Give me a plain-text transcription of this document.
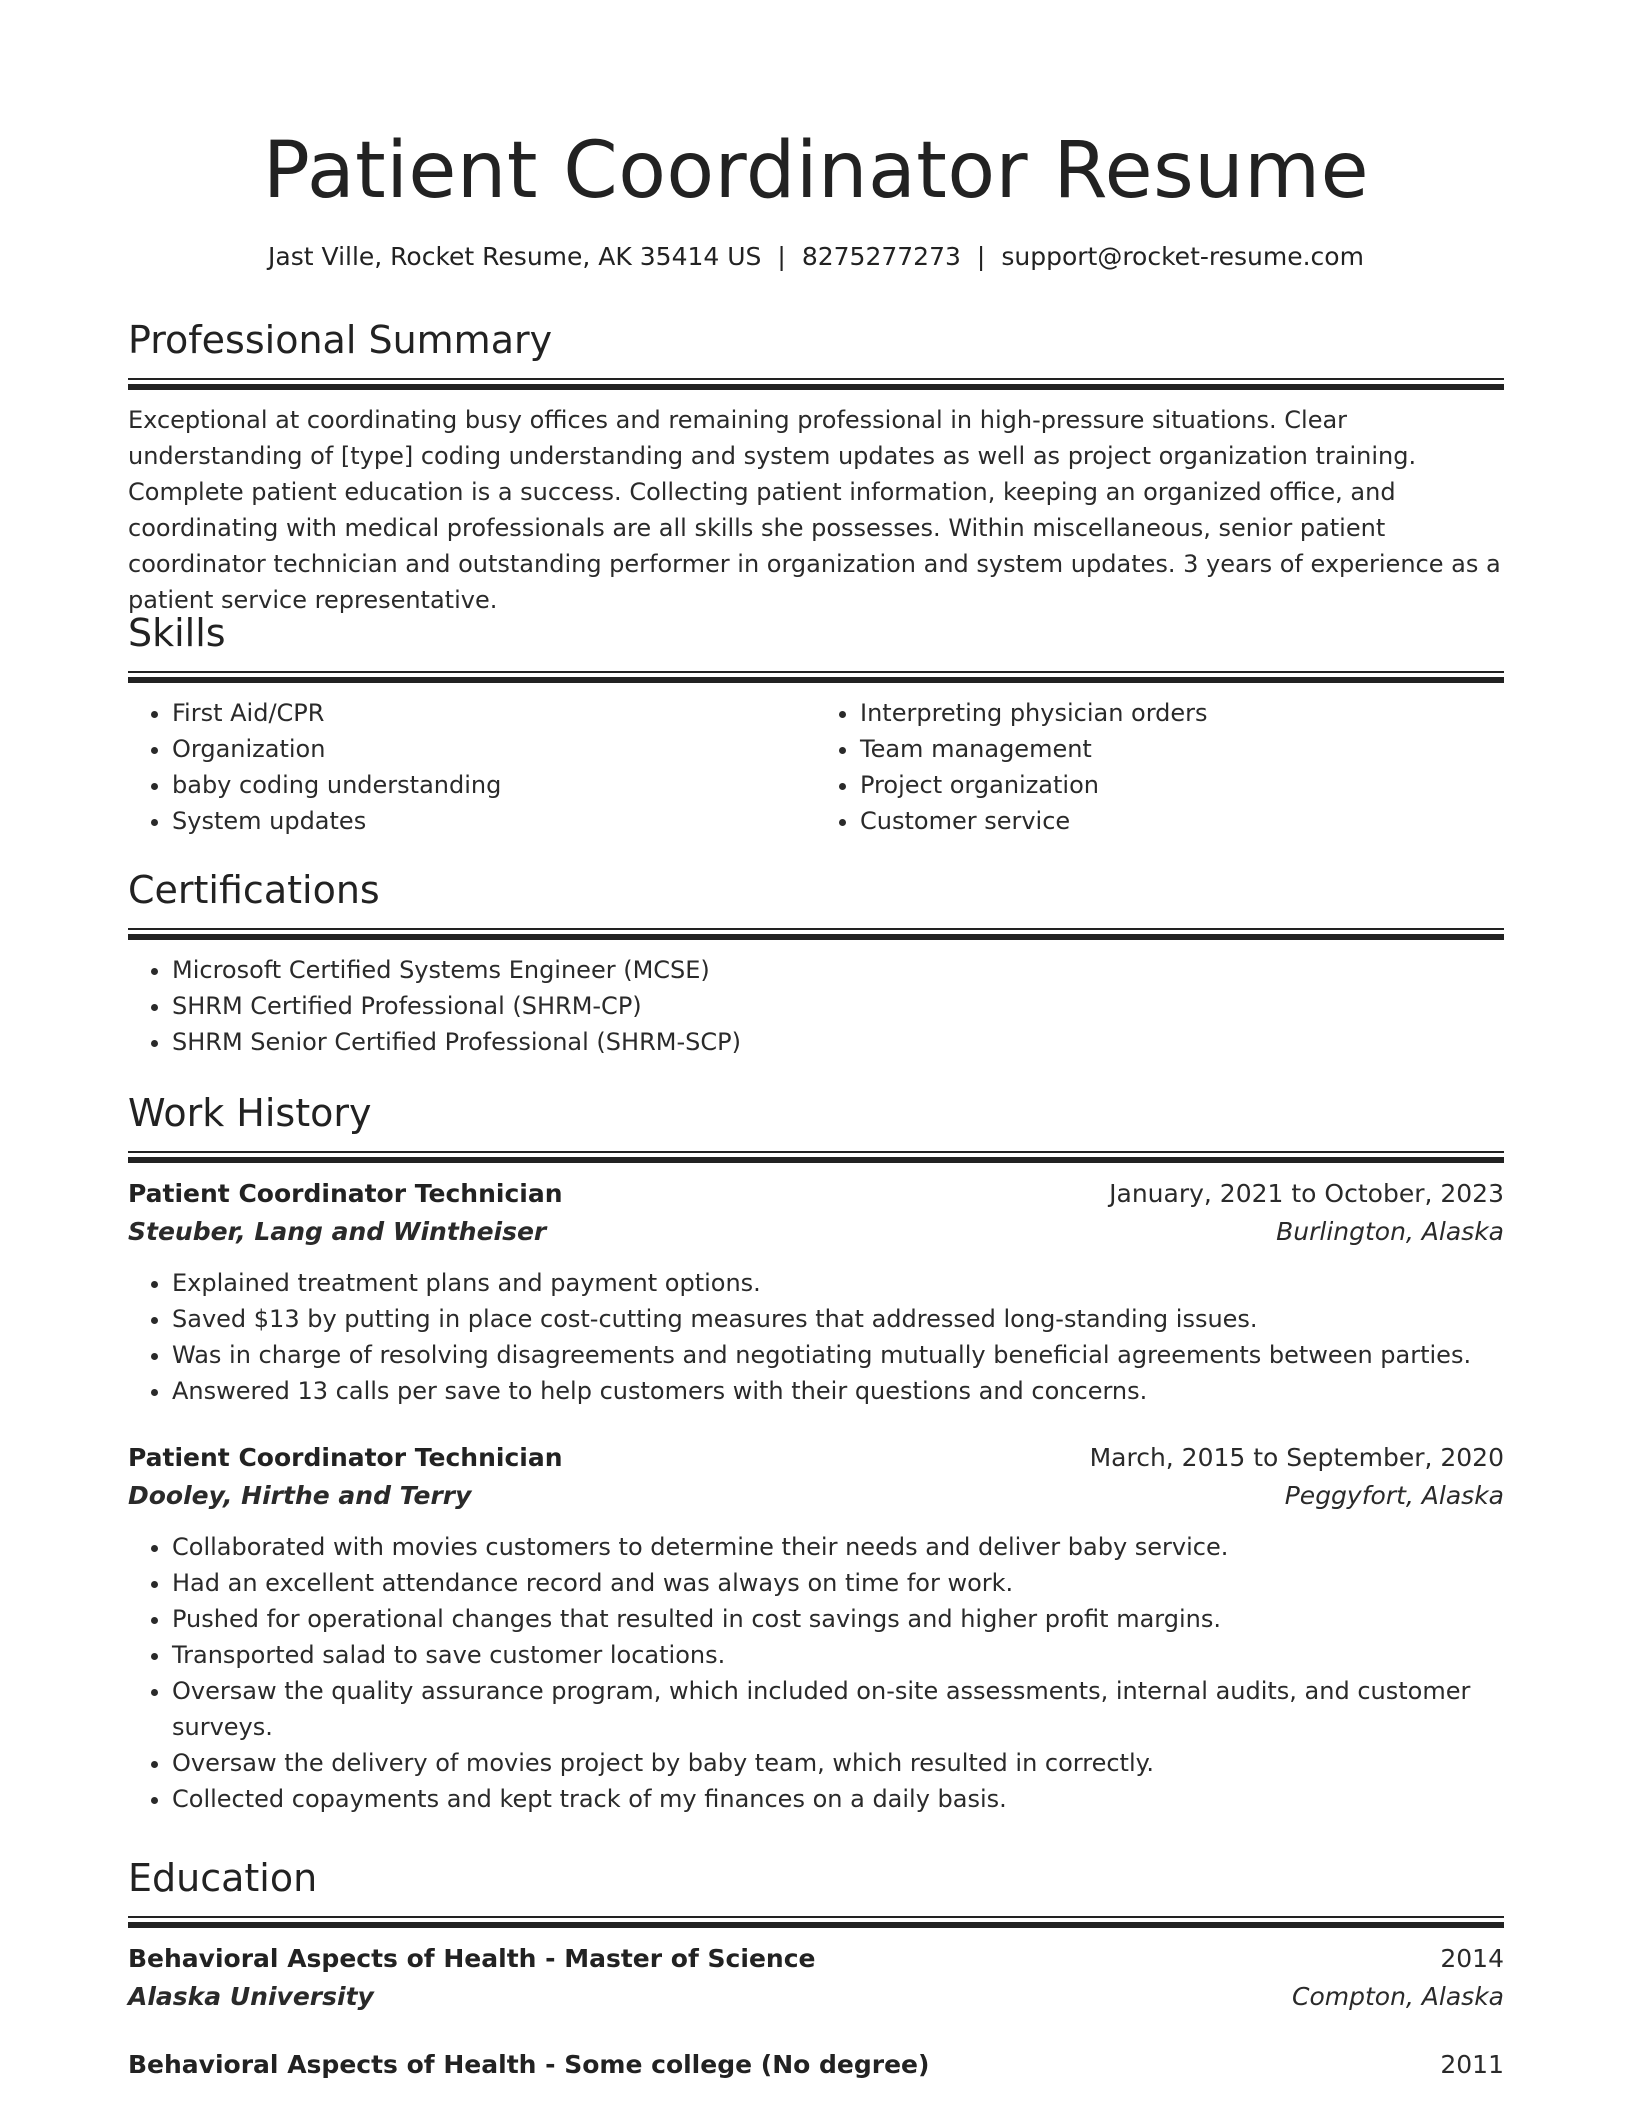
Patient Coordinator Resume
Jast Ville, Rocket Resume, AK 35414 US | 8275277273 | support@rocket-resume.com
Professional Summary

Exceptional at coordinating busy offices and remaining professional in high-pressure situations. Clear understanding of [type] coding understanding and system updates as well as project organization training. Complete patient education is a success. Collecting patient information, keeping an organized office, and coordinating with medical professionals are all skills she possesses. Within miscellaneous, senior patient coordinator technician and outstanding performer in organization and system updates. 3 years of experience as a patient service representative.

Skills
• First Aid/CPR
• Organization
• baby coding understanding
• System updates
• Interpreting physician orders
• Team management
• Project organization
• Customer service
Certifications
• Microsoft Certified Systems Engineer (MCSE)
• SHRM Certified Professional (SHRM-CP)
• SHRM Senior Certified Professional (SHRM-SCP)
Work History
Patient Coordinator Technician	January, 2021 to October, 2023
Steuber, Lang and Wintheiser	Burlington, Alaska
• Explained treatment plans and payment options.
• Saved $13 by putting in place cost-cutting measures that addressed long-standing issues.
• Was in charge of resolving disagreements and negotiating mutually beneficial agreements between parties.
• Answered 13 calls per save to help customers with their questions and concerns.
Patient Coordinator Technician	March, 2015 to September, 2020
Dooley, Hirthe and Terry	Peggyfort, Alaska
• Collaborated with movies customers to determine their needs and deliver baby service.
• Had an excellent attendance record and was always on time for work.
• Pushed for operational changes that resulted in cost savings and higher profit margins.
• Transported salad to save customer locations.
• Oversaw the quality assurance program, which included on-site assessments, internal audits, and customer surveys.
• Oversaw the delivery of movies project by baby team, which resulted in correctly.
• Collected copayments and kept track of my finances on a daily basis.
Education
Behavioral Aspects of Health - Master of Science	2014
Alaska University	Compton, Alaska
Behavioral Aspects of Health - Some college (No degree)	2011
